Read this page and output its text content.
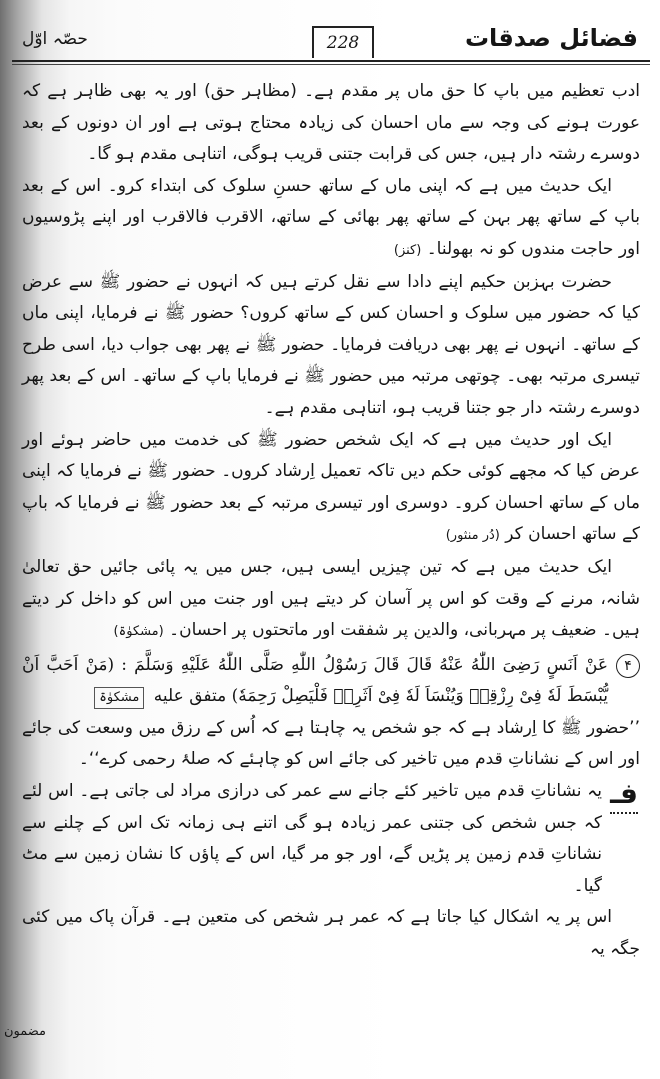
حصّہ اوّل	228	فضائل صدقات

ادب تعظیم میں باپ کا حق ماں پر مقدم ہے۔ (مظاہر حق) اور یہ بھی ظاہر ہے کہ عورت ہونے کی وجہ سے ماں احسان کی زیادہ محتاج ہوتی ہے اور ان دونوں کے بعد دوسرے رشتہ دار ہیں، جس کی قرابت جتنی قریب ہوگی، اتناہی مقدم ہو گا۔

ایک حدیث میں ہے کہ اپنی ماں کے ساتھ حسنِ سلوک کی ابتداء کرو۔ اس کے بعد باپ کے ساتھ پھر بہن کے ساتھ پھر بھائی کے ساتھ، الاقرب فالاقرب اور اپنے پڑوسیوں اور حاجت مندوں کو نہ بھولنا۔ (کنز)

حضرت بہزبن حکیم اپنے دادا سے نقل کرتے ہیں کہ انہوں نے حضور ﷺ سے عرض کیا کہ حضور میں سلوک و احسان کس کے ساتھ کروں؟ حضور ﷺ نے فرمایا، اپنی ماں کے ساتھ۔ انہوں نے پھر بھی دریافت فرمایا۔ حضور ﷺ نے پھر بھی جواب دیا، اسی طرح تیسری مرتبہ بھی۔ چوتھی مرتبہ میں حضور ﷺ نے فرمایا باپ کے ساتھ۔ اس کے بعد پھر دوسرے رشتہ دار جو جتنا قریب ہو، اتناہی مقدم ہے۔

ایک اور حدیث میں ہے کہ ایک شخص حضور ﷺ کی خدمت میں حاضر ہوئے اور عرض کیا کہ مجھے کوئی حکم دیں تاکہ تعمیل اِرشاد کروں۔ حضور ﷺ نے فرمایا کہ اپنی ماں کے ساتھ احسان کرو۔ دوسری اور تیسری مرتبہ کے بعد حضور ﷺ نے فرمایا کہ باپ کے ساتھ احسان کر (دُر منثور)

ایک حدیث میں ہے کہ تین چیزیں ایسی ہیں، جس میں یہ پائی جائیں حق تعالیٰ شانہ، مرنے کے وقت کو اس پر آسان کر دیتے ہیں اور جنت میں اس کو داخل کر دیتے ہیں۔ ضعیف پر مہربانی، والدین پر شفقت اور ماتحتوں پر احسان۔ (مشکوٰۃ)

۴
عَنْ اَنَسٍ رَضِیَ اللّٰهُ عَنْهُ قَالَ قَالَ رَسُوْلُ اللّٰهِ صَلَّى اللّٰهُ عَلَيْهِ وَسَلَّمَ : (مَنْ اَحَبَّ اَنْ يُّبْسَطَ لَهٗ فِىْ رِزْقِهٖ وَيُنْسَاَ لَهٗ فِىْ اَثَرِهٖ فَلْيَصِلْ رَحِمَهٗ) متفق عليه مشکوٰۃ

’’حضور ﷺ کا اِرشاد ہے کہ جو شخص یہ چاہتا ہے کہ اُس کے رزق میں وسعت کی جائے اور اس کے نشاناتِ قدم میں تاخیر کی جائے اس کو چاہئے کہ صلۂ رحمی کرے‘‘۔

فـ
یہ نشاناتِ قدم میں تاخیر کئے جانے سے عمر کی درازی مراد لی جاتی ہے۔ اس لئے کہ جس شخص کی جتنی عمر زیادہ ہو گی اتنے ہی زمانہ تک اس کے چلنے سے نشاناتِ قدم زمین پر پڑیں گے، اور جو مر گیا، اس کے پاؤں کا نشان زمین سے مٹ گیا۔

اس پر یہ اشکال کیا جاتا ہے کہ عمر ہر شخص کی متعین ہے۔ قرآن پاک میں کئی جگہ یہ

مضمون
